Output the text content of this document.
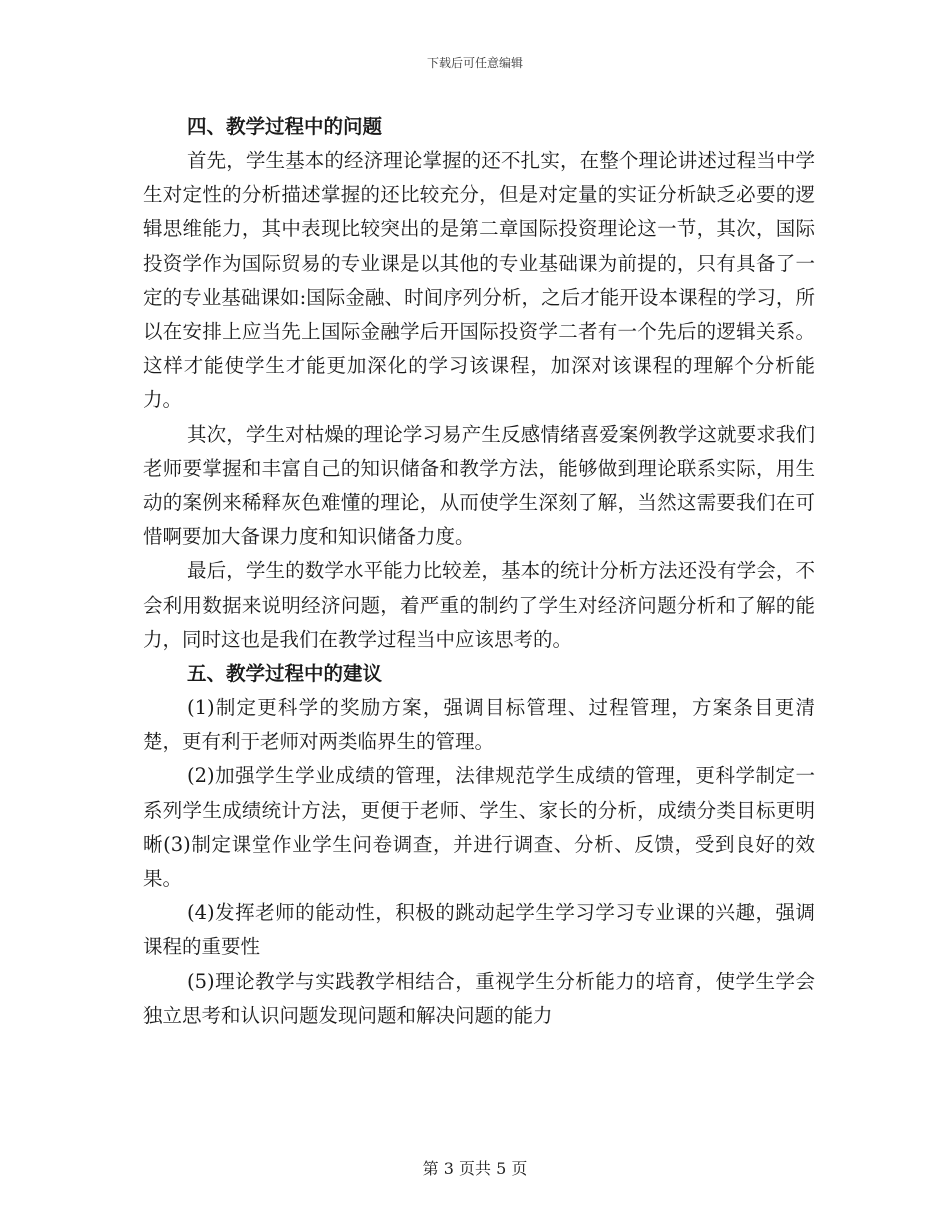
下载后可任意编辑
四、教学过程中的问题

首先，学生基本的经济理论掌握的还不扎实，在整个理论讲述过程当中学生对定性的分析描述掌握的还比较充分，但是对定量的实证分析缺乏必要的逻辑思维能力，其中表现比较突出的是第二章国际投资理论这一节，其次，国际投资学作为国际贸易的专业课是以其他的专业基础课为前提的，只有具备了一定的专业基础课如:国际金融、时间序列分析，之后才能开设本课程的学习，所以在安排上应当先上国际金融学后开国际投资学二者有一个先后的逻辑关系。这样才能使学生才能更加深化的学习该课程，加深对该课程的理解个分析能力。

其次，学生对枯燥的理论学习易产生反感情绪喜爱案例教学这就要求我们老师要掌握和丰富自己的知识储备和教学方法，能够做到理论联系实际，用生动的案例来稀释灰色难懂的理论，从而使学生深刻了解，当然这需要我们在可惜啊要加大备课力度和知识储备力度。

最后，学生的数学水平能力比较差，基本的统计分析方法还没有学会，不会利用数据来说明经济问题，着严重的制约了学生对经济问题分析和了解的能力，同时这也是我们在教学过程当中应该思考的。

五、教学过程中的建议

(1)制定更科学的奖励方案，强调目标管理、过程管理，方案条目更清楚，更有利于老师对两类临界生的管理。

(2)加强学生学业成绩的管理，法律规范学生成绩的管理，更科学制定一系列学生成绩统计方法，更便于老师、学生、家长的分析，成绩分类目标更明晰(3)制定课堂作业学生问卷调查，并进行调查、分析、反馈，受到良好的效果。

(4)发挥老师的能动性，积极的跳动起学生学习学习专业课的兴趣，强调课程的重要性

(5)理论教学与实践教学相结合，重视学生分析能力的培育，使学生学会独立思考和认识问题发现问题和解决问题的能力

第 3 页共 5 页
